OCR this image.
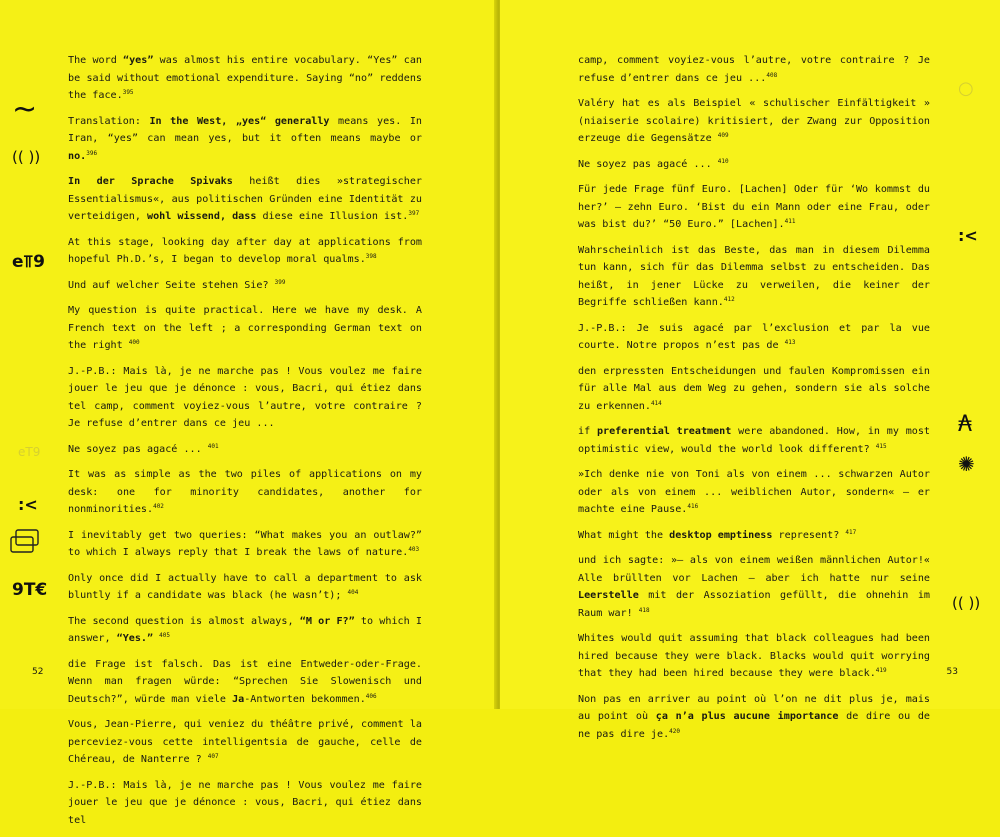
The word “yes” was almost his entire vocabulary. “Yes” can be said without emotional expenditure. Saying “no” reddens the face.$^{395}$

Translation: In the West, „yes“ generally means yes. In Iran, “yes” can mean yes, but it often means maybe or no.$^{396}$

In der Sprache Spivaks heißt dies »strategischer Essentialismus«, aus politischen Gründen eine Identität zu verteidigen, wohl wissend, dass diese eine Illusion ist.$^{397}$

At this stage, looking day after day at applications from hopeful Ph.D.’s, I began to develop moral qualms.$^{398}$

Und auf welcher Seite stehen Sie? $^{399}$

My question is quite practical. Here we have my desk. A French text on the left ; a corresponding German text on the right $^{400}$

J.-P.B.: Mais là, je ne marche pas ! Vous voulez me faire jouer le jeu que je dénonce : vous, Bacri, qui étiez dans tel camp, comment voyiez-vous l’autre, votre contraire ? Je refuse d’entrer dans ce jeu ...

Ne soyez pas agacé ... $^{401}$

It was as simple as the two piles of applications on my desk: one for minority candidates, another for nonminorities.$^{402}$

I inevitably get two queries: “What makes you an outlaw?” to which I always reply that I break the laws of nature.$^{403}$

Only once did I actually have to call a department to ask bluntly if a candidate was black (he wasn’t); $^{404}$

The second question is almost always, “M or F?” to which I answer, “Yes.” $^{405}$

die Frage ist falsch. Das ist eine Entweder-oder-Frage. Wenn man fragen würde: “Sprechen Sie Slowenisch und Deutsch?”, würde man viele Ja-Antworten bekommen.$^{406}$

Vous, Jean-Pierre, qui veniez du théâtre privé, comment la perceviez-vous cette intelligentsia de gauche, celle de Chéreau, de Nanterre ? $^{407}$

J.-P.B.: Mais là, je ne marche pas ! Vous voulez me faire jouer le jeu que je dénonce : vous, Bacri, qui étiez dans tel

52
~
(( ))
e⫪9
eT9
:<
9T€

camp, comment voyiez-vous l’autre, votre contraire ? Je refuse d’entrer dans ce jeu ...$^{408}$

Valéry hat es als Beispiel « schulischer Einfältigkeit » (niaiserie scolaire) kritisiert, der Zwang zur Opposition erzeuge die Gegensätze $^{409}$

Ne soyez pas agacé ... $^{410}$

Für jede Frage fünf Euro. [Lachen] Oder für ‘Wo kommst du her?’ – zehn Euro. ‘Bist du ein Mann oder eine Frau, oder was bist du?’ “50 Euro.” [Lachen].$^{411}$

Wahrscheinlich ist das Beste, das man in diesem Dilemma tun kann, sich für das Dilemma selbst zu entscheiden. Das heißt, in jener Lücke zu verweilen, die keiner der Begriffe schließen kann.$^{412}$

J.-P.B.: Je suis agacé par l’exclusion et par la vue courte. Notre propos n’est pas de $^{413}$

den erpressten Entscheidungen und faulen Kompromissen ein für alle Mal aus dem Weg zu gehen, sondern sie als solche zu erkennen.$^{414}$

if preferential treatment were abandoned. How, in my most optimistic view, would the world look different? $^{415}$

»Ich denke nie von Toni als von einem ... schwarzen Autor oder als von einem ... weiblichen Autor, sondern« – er machte eine Pause.$^{416}$

What might the desktop emptiness represent? $^{417}$

und ich sagte: »– als von einem weißen männlichen Autor!« Alle brüllten vor Lachen – aber ich hatte nur seine Leerstelle mit der Assoziation gefüllt, die ohnehin im Raum war! $^{418}$

Whites would quit assuming that black colleagues had been hired because they were black. Blacks would quit worrying that they had been hired because they were black.$^{419}$

Non pas en arriver au point où l’on ne dit plus je, mais au point où ça n’a plus aucune importance de dire ou de ne pas dire je.$^{420}$

53
○
:<
₳
✺
(( ))
